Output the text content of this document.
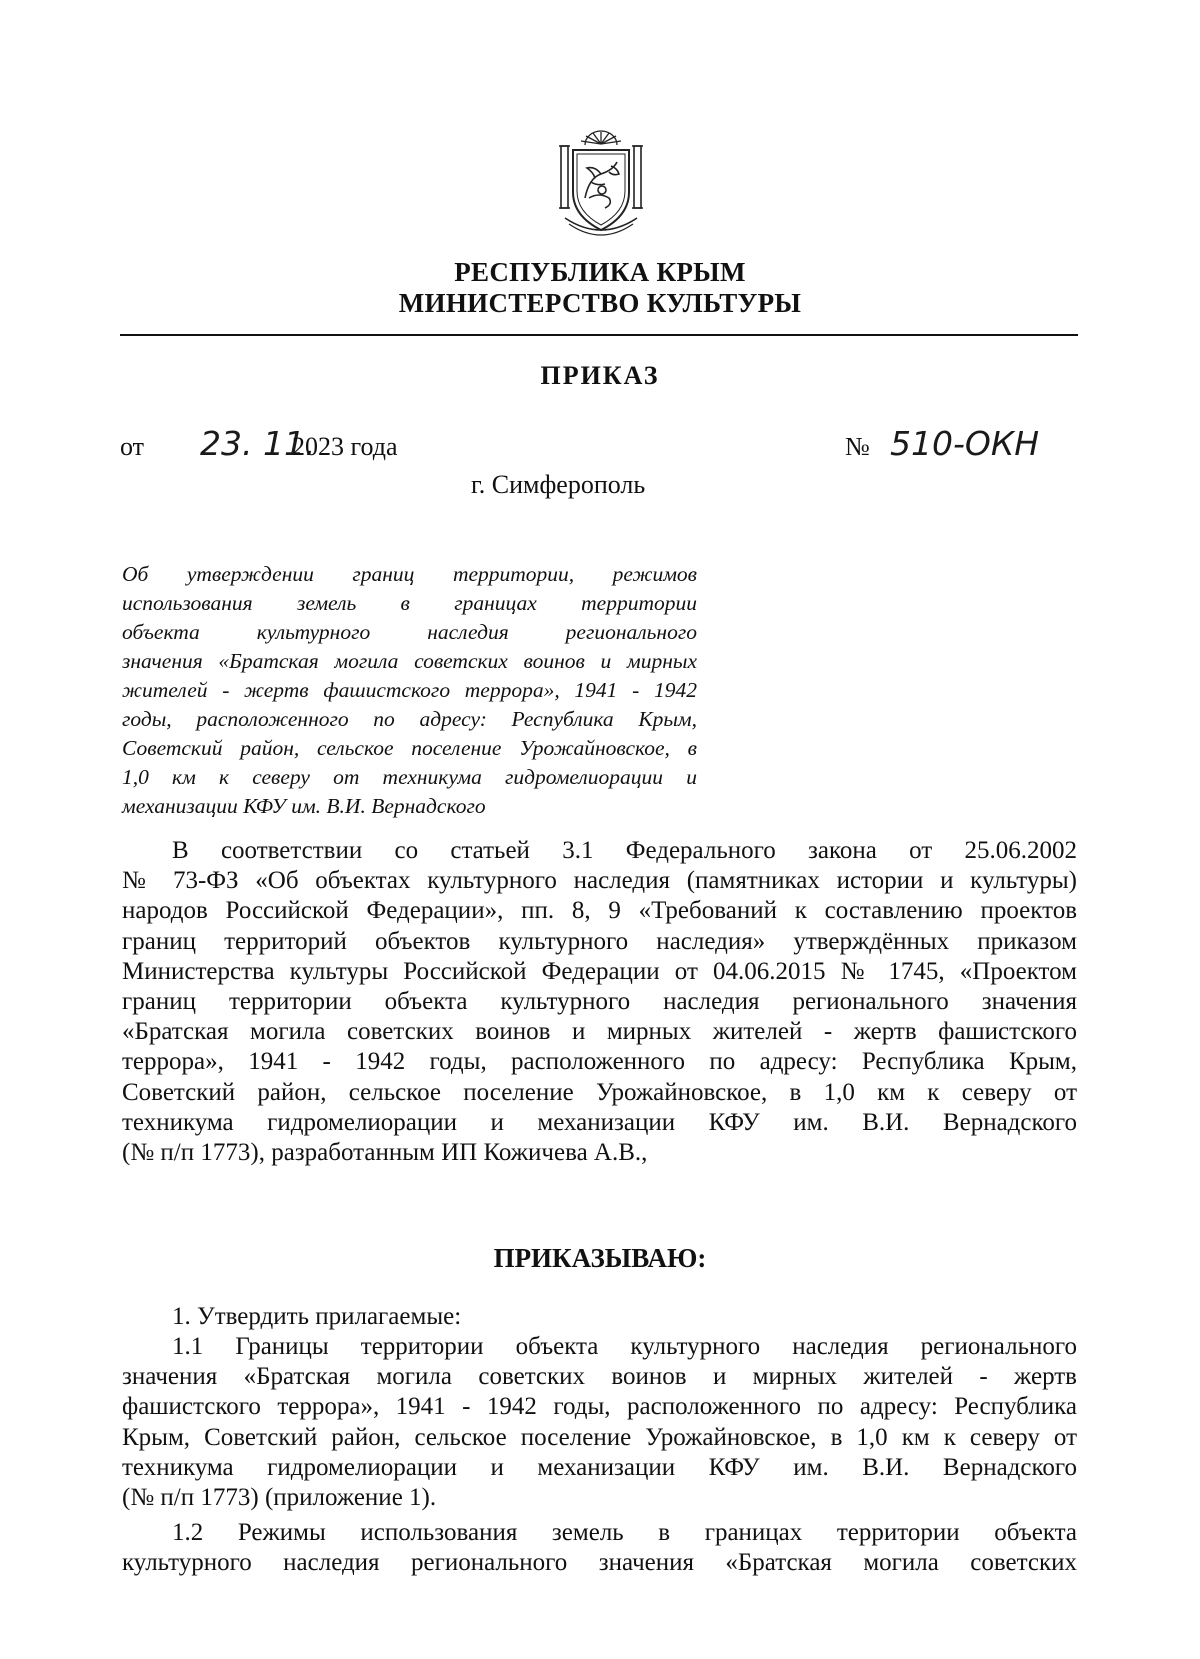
РЕСПУБЛИКА КРЫМ
МИНИСТЕРСТВО КУЛЬТУРЫ
ПРИКАЗ
от 23. 11.
2023 года	№ 510-ОКН
г. Симферополь
Об утверждении границ территории, режимов
использования земель в границах территории
объекта культурного наследия регионального
значения «Братская могила советских воинов и мирных
жителей - жертв фашистского террора», 1941 - 1942
годы, расположенного по адресу: Республика Крым,
Советский район, сельское поселение Урожайновское, в
1,0 км к северу от техникума гидромелиорации и
механизации КФУ им. В.И. Вернадского
В соответствии со статьей 3.1 Федерального закона от 25.06.2002
№ 73-ФЗ «Об объектах культурного наследия (памятниках истории и культуры)
народов Российской Федерации», пп. 8, 9 «Требований к составлению проектов
границ территорий объектов культурного наследия» утверждённых приказом
Министерства культуры Российской Федерации от 04.06.2015 № 1745, «Проектом
границ территории объекта культурного наследия регионального значения
«Братская могила советских воинов и мирных жителей - жертв фашистского
террора», 1941 - 1942 годы, расположенного по адресу: Республика Крым,
Советский район, сельское поселение Урожайновское, в 1,0 км к северу от
техникума гидромелиорации и механизации КФУ им. В.И. Вернадского
(№ п/п 1773), разработанным ИП Кожичева А.В.,
ПРИКАЗЫВАЮ:
1. Утвердить прилагаемые:
1.1 Границы территории объекта культурного наследия регионального
значения «Братская могила советских воинов и мирных жителей - жертв
фашистского террора», 1941 - 1942 годы, расположенного по адресу: Республика
Крым, Советский район, сельское поселение Урожайновское, в 1,0 км к северу от
техникума гидромелиорации и механизации КФУ им. В.И. Вернадского
(№ п/п 1773) (приложение 1).
1.2 Режимы использования земель в границах территории объекта
культурного наследия регионального значения «Братская могила советских
